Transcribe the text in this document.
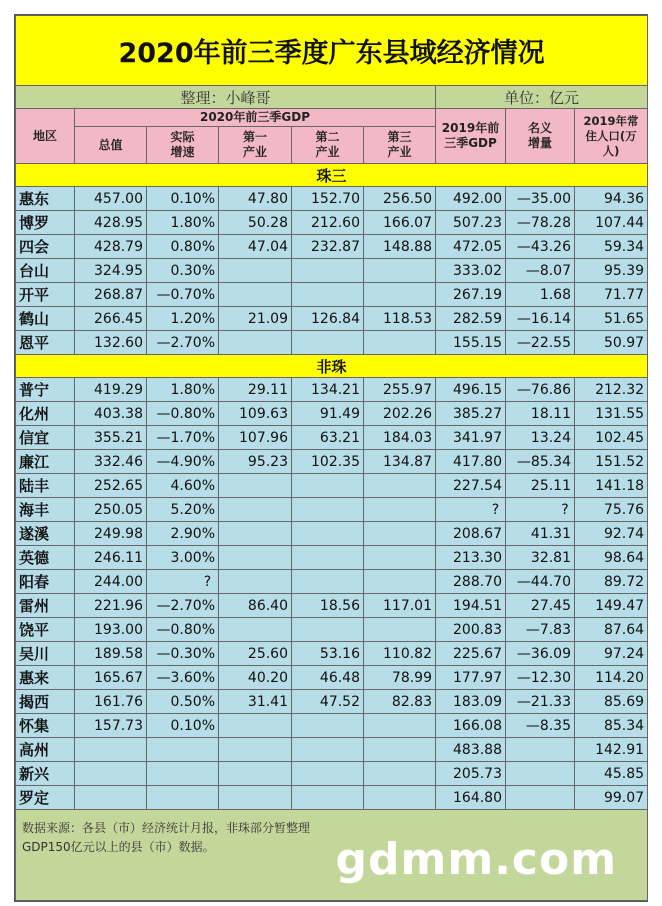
2020年前三季度广东县域经济情况								
整理：小峰哥						单位：亿元		
地区	2020年前三季GDP					2019年前三季GDP	名义增量	2019年常住人口(万人)

	总值	实际增速	第一产业	第二产业	第三产业			

珠三								
惠东	457.00	0.10%	47.80	152.70	256.50	492.00	—35.00	94.36
博罗	428.95	1.80%	50.28	212.60	166.07	507.23	—78.28	107.44
四会	428.79	0.80%	47.04	232.87	148.88	472.05	—43.26	59.34
台山	324.95	0.30%				333.02	—8.07	95.39
开平	268.87	—0.70%				267.19	1.68	71.77
鹤山	266.45	1.20%	21.09	126.84	118.53	282.59	—16.14	51.65
恩平	132.60	—2.70%				155.15	—22.55	50.97
非珠								
普宁	419.29	1.80%	29.11	134.21	255.97	496.15	—76.86	212.32
化州	403.38	—0.80%	109.63	91.49	202.26	385.27	18.11	131.55
信宜	355.21	—1.70%	107.96	63.21	184.03	341.97	13.24	102.45
廉江	332.46	—4.90%	95.23	102.35	134.87	417.80	—85.34	151.52
陆丰	252.65	4.60%				227.54	25.11	141.18
海丰	250.05	5.20%				?	?	75.76
遂溪	249.98	2.90%				208.67	41.31	92.74
英德	246.11	3.00%				213.30	32.81	98.64
阳春	244.00	?				288.70	—44.70	89.72
雷州	221.96	—2.70%	86.40	18.56	117.01	194.51	27.45	149.47
饶平	193.00	—0.80%				200.83	—7.83	87.64
吴川	189.58	—0.30%	25.60	53.16	110.82	225.67	—36.09	97.24
惠来	165.67	—3.60%	40.20	46.48	78.99	177.97	—12.30	114.20
揭西	161.76	0.50%	31.41	47.52	82.83	183.09	—21.33	85.69
怀集	157.73	0.10%				166.08	—8.35	85.34
高州						483.88		142.91
新兴						205.73		45.85
罗定						164.80		99.07

数据来源：各县（市）经济统计月报，非珠部分暂整理GDP150亿元以上的县（市）数据。 gdmm.com								
